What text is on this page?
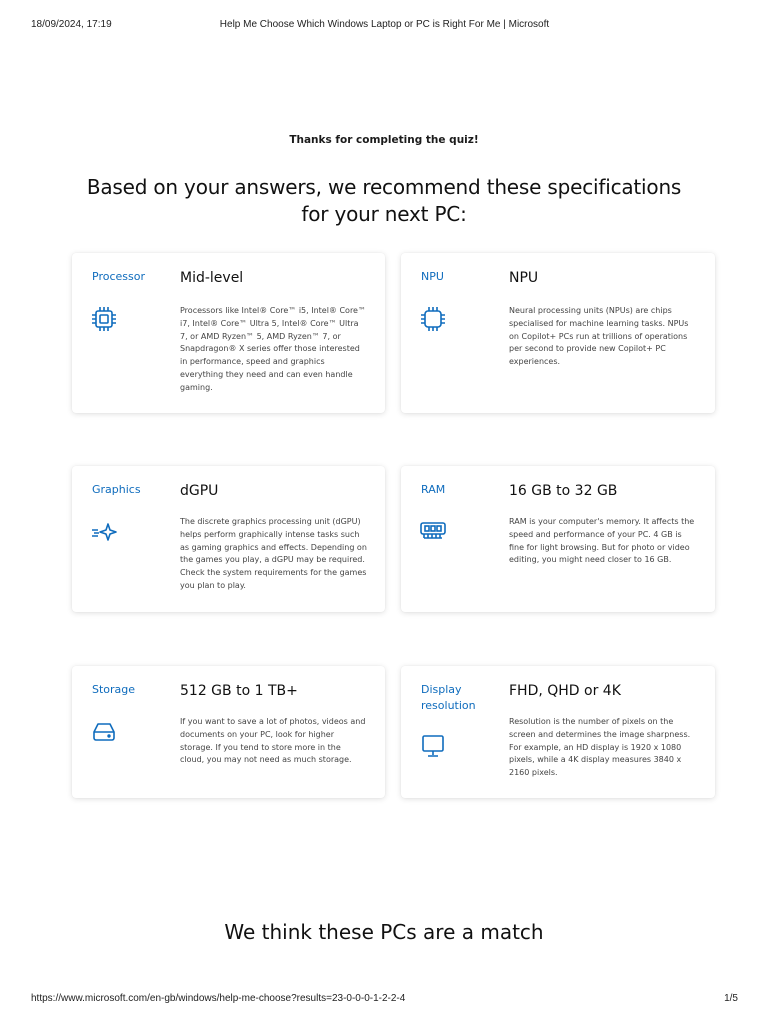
18/09/2024, 17:19	Help Me Choose Which Windows Laptop or PC is Right For Me | Microsoft
Thanks for completing the quiz!
Based on your answers, we recommend these specifications for your next PC:
Processor	Mid-level
Processors like Intel® Core™ i5, Intel® Core™ i7, Intel® Core™ Ultra 5, Intel® Core™ Ultra 7, or AMD Ryzen™ 5, AMD Ryzen™ 7, or Snapdragon® X series offer those interested in performance, speed and graphics everything they need and can even handle gaming.
NPU	NPU
Neural processing units (NPUs) are chips specialised for machine learning tasks. NPUs on Copilot+ PCs run at trillions of operations per second to provide new Copilot+ PC experiences.
Graphics	dGPU
The discrete graphics processing unit (dGPU) helps perform graphically intense tasks such as gaming graphics and effects. Depending on the games you play, a dGPU may be required. Check the system requirements for the games you plan to play.
RAM	16 GB to 32 GB
RAM is your computer's memory. It affects the speed and performance of your PC. 4 GB is fine for light browsing. But for photo or video editing, you might need closer to 16 GB.
Storage	512 GB to 1 TB+
If you want to save a lot of photos, videos and documents on your PC, look for higher storage. If you tend to store more in the cloud, you may not need as much storage.
Display resolution
FHD, QHD or 4K
Resolution is the number of pixels on the screen and determines the image sharpness. For example, an HD display is 1920 x 1080 pixels, while a 4K display measures 3840 x 2160 pixels.
We think these PCs are a match
https://www.microsoft.com/en-gb/windows/help-me-choose?results=23-0-0-0-1-2-2-4	1/5
